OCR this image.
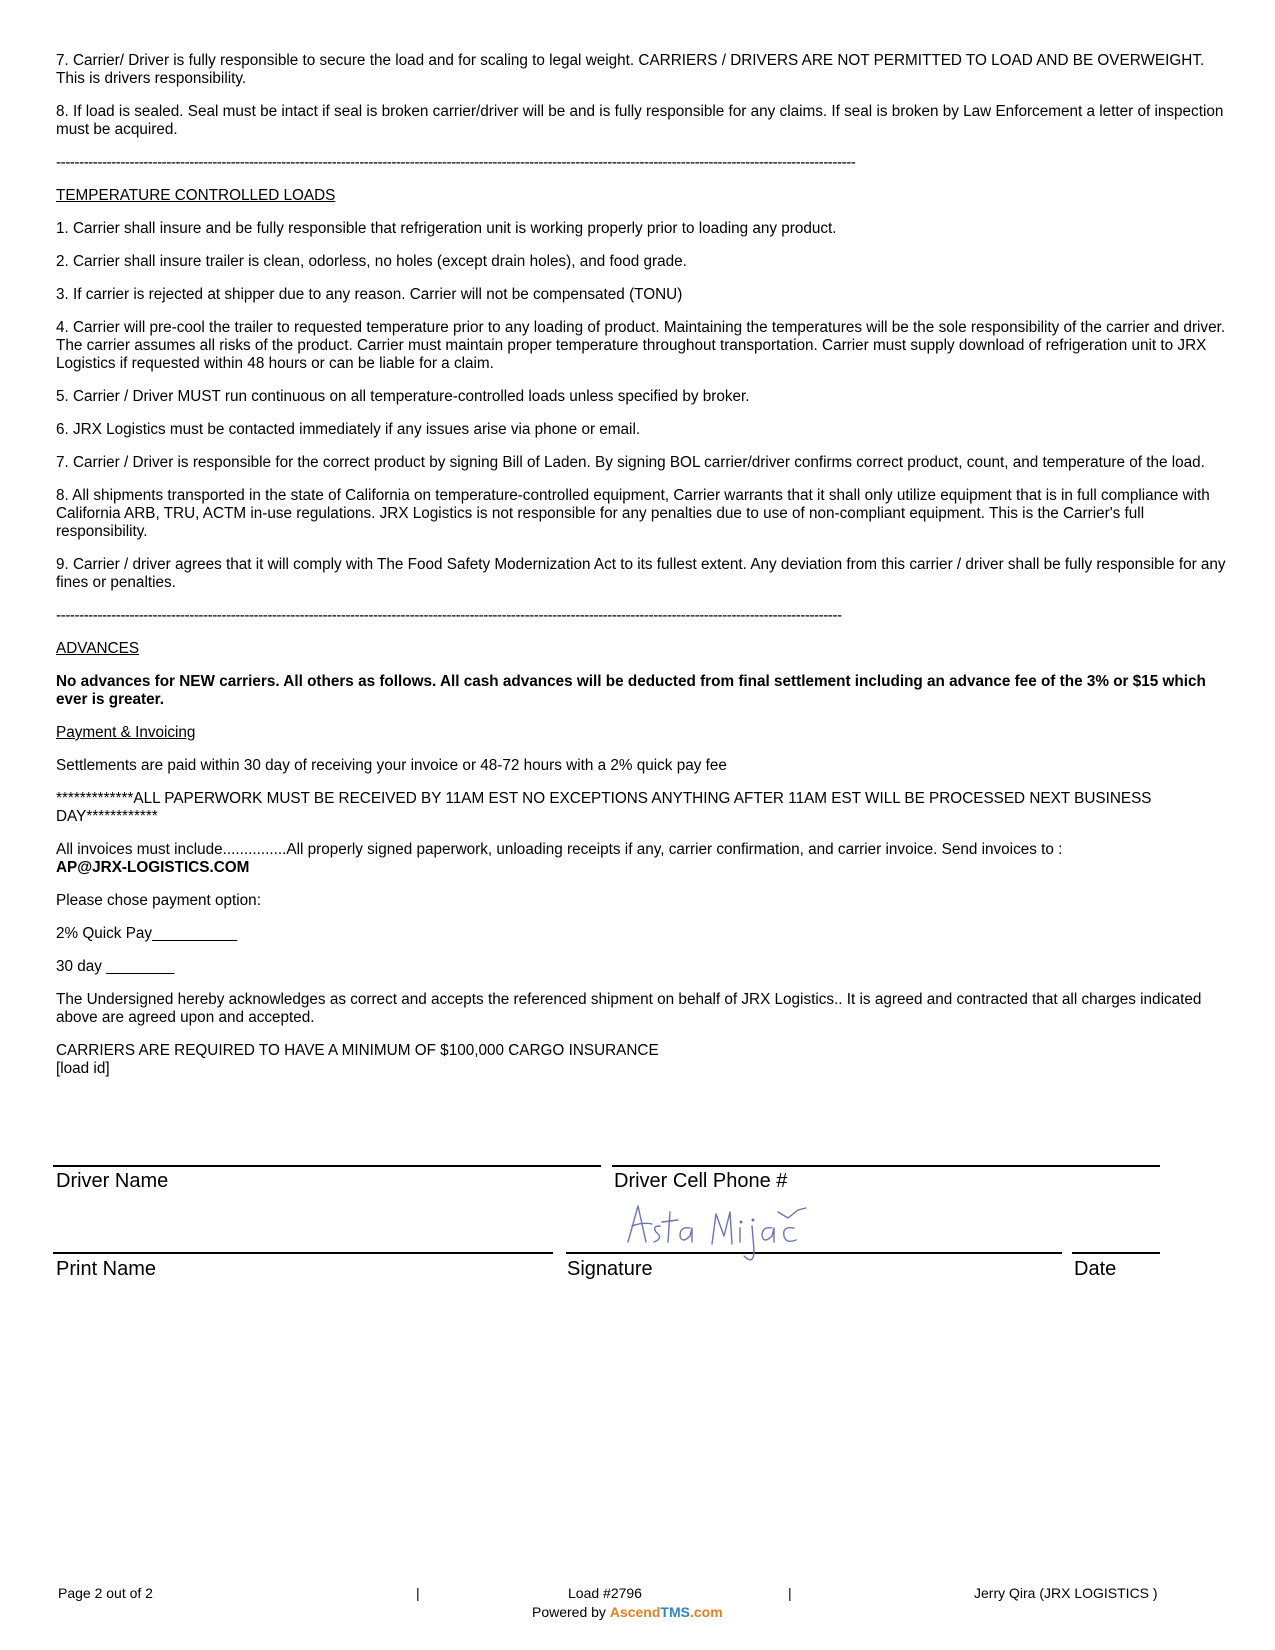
7. Carrier/ Driver is fully responsible to secure the load and for scaling to legal weight. CARRIERS / DRIVERS ARE NOT PERMITTED TO LOAD AND BE OVERWEIGHT. This is drivers responsibility.

8. If load is sealed. Seal must be intact if seal is broken carrier/driver will be and is fully responsible for any claims. If seal is broken by Law Enforcement a letter of inspection must be acquired.

------------------------------------------------------------------------------------------------------------------------------------------------------------------------------

TEMPERATURE CONTROLLED LOADS

1. Carrier shall insure and be fully responsible that refrigeration unit is working properly prior to loading any product.

2. Carrier shall insure trailer is clean, odorless, no holes (except drain holes), and food grade.

3. If carrier is rejected at shipper due to any reason. Carrier will not be compensated (TONU)

4. Carrier will pre-cool the trailer to requested temperature prior to any loading of product. Maintaining the temperatures will be the sole responsibility of the carrier and driver. The carrier assumes all risks of the product. Carrier must maintain proper temperature throughout transportation. Carrier must supply download of refrigeration unit to JRX Logistics if requested within 48 hours or can be liable for a claim.

5. Carrier / Driver MUST run continuous on all temperature-controlled loads unless specified by broker.

6. JRX Logistics must be contacted immediately if any issues arise via phone or email.

7. Carrier / Driver is responsible for the correct product by signing Bill of Laden. By signing BOL carrier/driver confirms correct product, count, and temperature of the load.

8. All shipments transported in the state of California on temperature-controlled equipment, Carrier warrants that it shall only utilize equipment that is in full compliance with California ARB, TRU, ACTM in-use regulations. JRX Logistics is not responsible for any penalties due to use of non-compliant equipment. This is the Carrier's full responsibility.

9. Carrier / driver agrees that it will comply with The Food Safety Modernization Act to its fullest extent. Any deviation from this carrier / driver shall be fully responsible for any fines or penalties.

---------------------------------------------------------------------------------------------------------------------------------------------------------------------------

ADVANCES

No advances for NEW carriers. All others as follows. All cash advances will be deducted from final settlement including an advance fee of the 3% or $15 which ever is greater.

Payment & Invoicing

Settlements are paid within 30 day of receiving your invoice or 48-72 hours with a 2% quick pay fee

*************ALL PAPERWORK MUST BE RECEIVED BY 11AM EST NO EXCEPTIONS ANYTHING AFTER 11AM EST WILL BE PROCESSED NEXT BUSINESS DAY************

All invoices must include...............All properly signed paperwork, unloading receipts if any, carrier confirmation, and carrier invoice. Send invoices to :
AP@JRX-LOGISTICS.COM

Please chose payment option:

2% Quick Pay__________

30 day ________

The Undersigned hereby acknowledges as correct and accepts the referenced shipment on behalf of JRX Logistics.. It is agreed and contracted that all charges indicated above are agreed upon and accepted.

CARRIERS ARE REQUIRED TO HAVE A MINIMUM OF $100,000 CARGO INSURANCE
[load id]

Driver Name	Driver Cell Phone #
Print Name	Signature	Date
Page 2 out of 2	|	Load #2796	|	Jerry Qira (JRX LOGISTICS )
Powered by AscendTMS.com
